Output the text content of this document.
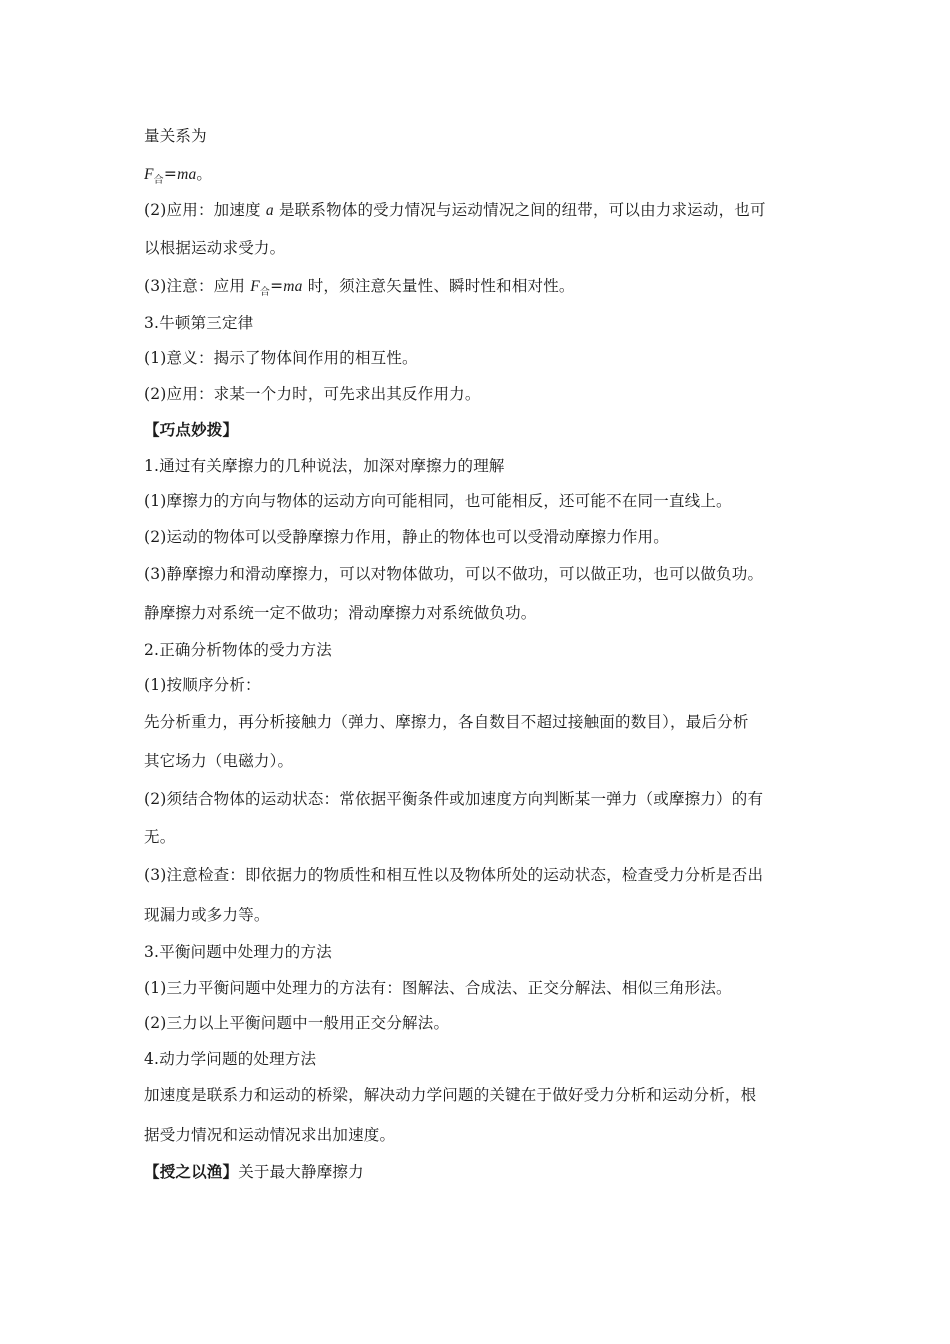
量关系为
$F_合=ma$。
(2)应用：加速度 a 是联系物体的受力情况与运动情况之间的纽带，可以由力求运动，也可
以根据运动求受力。
(3)注意：应用 $F_合=ma$ 时，须注意矢量性、瞬时性和相对性。
3.牛顿第三定律
(1)意义：揭示了物体间作用的相互性。
(2)应用：求某一个力时，可先求出其反作用力。
【巧点妙拨】
1.通过有关摩擦力的几种说法，加深对摩擦力的理解
(1)摩擦力的方向与物体的运动方向可能相同，也可能相反，还可能不在同一直线上。
(2)运动的物体可以受静摩擦力作用，静止的物体也可以受滑动摩擦力作用。
(3)静摩擦力和滑动摩擦力，可以对物体做功，可以不做功，可以做正功，也可以做负功。
静摩擦力对系统一定不做功；滑动摩擦力对系统做负功。
2.正确分析物体的受力方法
(1)按顺序分析：
先分析重力，再分析接触力（弹力、摩擦力，各自数目不超过接触面的数目），最后分析
其它场力（电磁力）。
(2)须结合物体的运动状态：常依据平衡条件或加速度方向判断某一弹力（或摩擦力）的有
无。
(3)注意检查：即依据力的物质性和相互性以及物体所处的运动状态，检查受力分析是否出
现漏力或多力等。
3.平衡问题中处理力的方法
(1)三力平衡问题中处理力的方法有：图解法、合成法、正交分解法、相似三角形法。
(2)三力以上平衡问题中一般用正交分解法。
4.动力学问题的处理方法
加速度是联系力和运动的桥梁，解决动力学问题的关键在于做好受力分析和运动分析，根
据受力情况和运动情况求出加速度。
【授之以渔】关于最大静摩擦力
